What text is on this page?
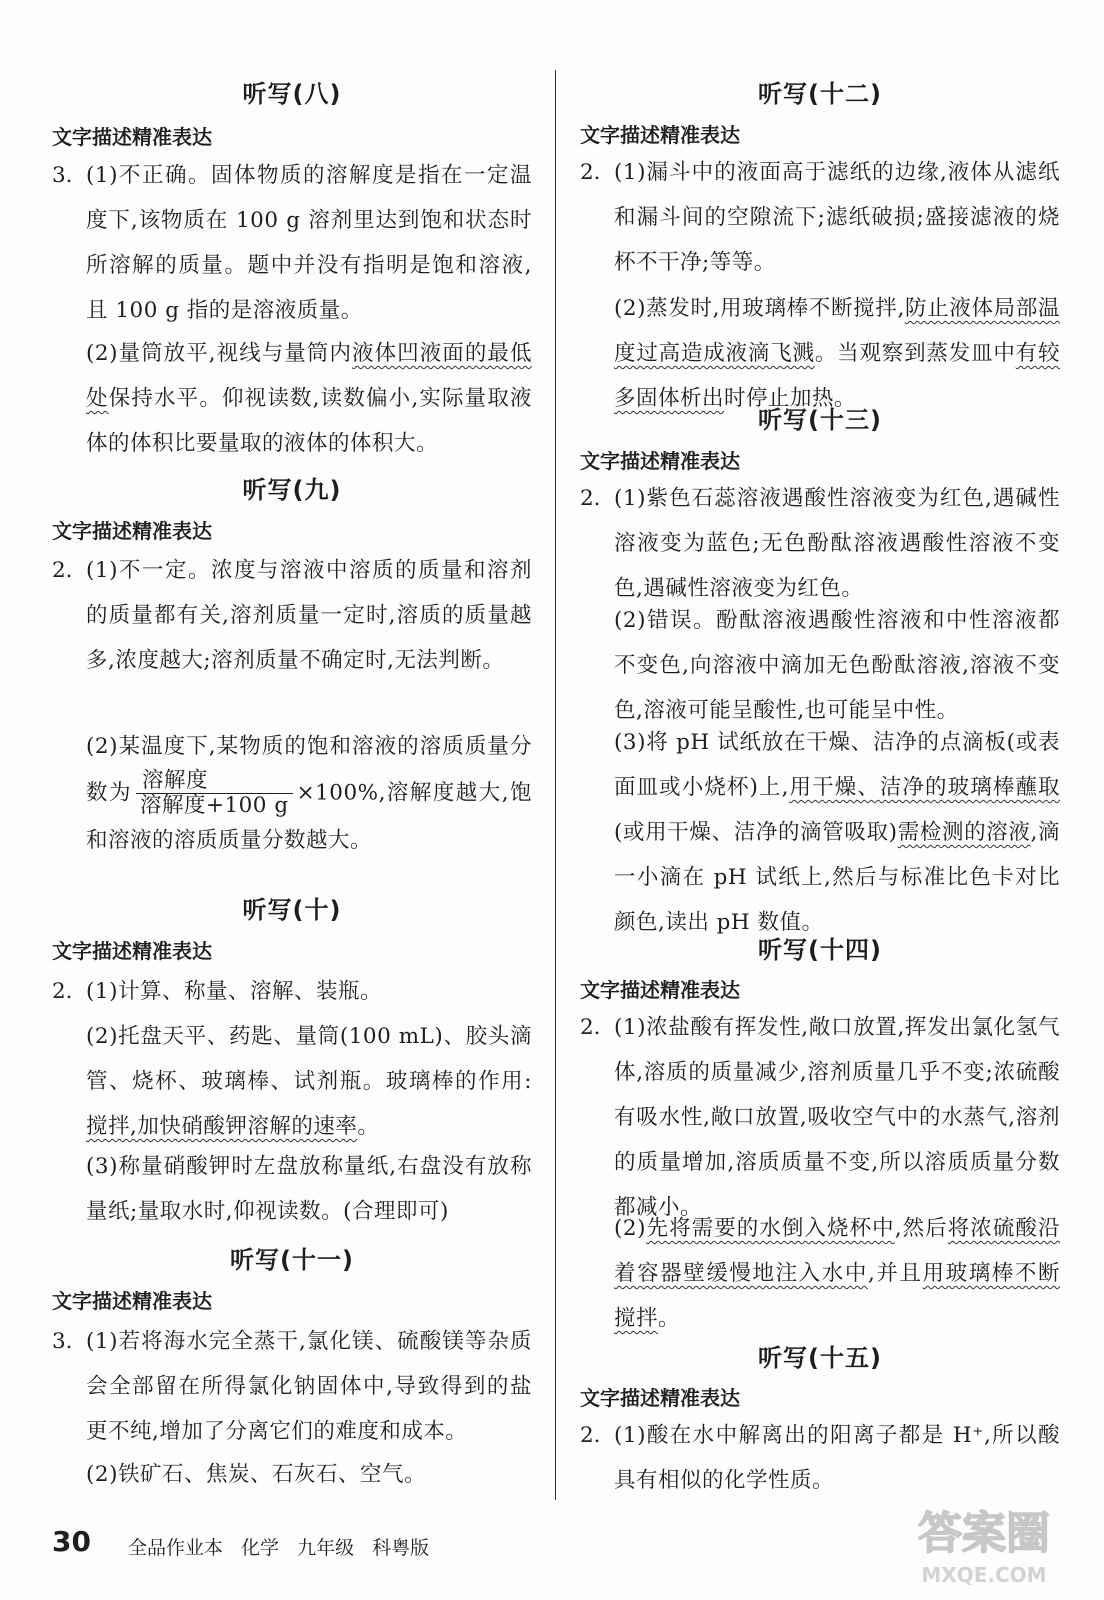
听写(八)
文字描述精准表达
3. (1)不正确。固体物质的溶解度是指在一定温度下,该物质在 100 g 溶剂里达到饱和状态时所溶解的质量。题中并没有指明是饱和溶液,且 100 g 指的是溶液质量。
(2)量筒放平,视线与量筒内液体凹液面的最低处保持水平。仰视读数,读数偏小,实际量取液体的体积比要量取的液体的体积大。
听写(九)
文字描述精准表达
2. (1)不一定。浓度与溶液中溶质的质量和溶剂的质量都有关,溶剂质量一定时,溶质的质量越多,浓度越大;溶剂质量不确定时,无法判断。
(2)某温度下,某物质的饱和溶液的溶质质量分数为 $\frac{\text{溶解度}}{\text{溶解度+100 g}} \times 100\%$,溶解度越大,饱和溶液的溶质质量分数越大。
听写(十)
文字描述精准表达
2. (1)计算、称量、溶解、装瓶。
(2)托盘天平、药匙、量筒(100 mL)、胶头滴管、烧杯、玻璃棒、试剂瓶。玻璃棒的作用:搅拌,加快硝酸钾溶解的速率。
(3)称量硝酸钾时左盘放称量纸,右盘没有放称量纸;量取水时,仰视读数。(合理即可)
听写(十一)
文字描述精准表达
3. (1)若将海水完全蒸干,氯化镁、硫酸镁等杂质会全部留在所得氯化钠固体中,导致得到的盐更不纯,增加了分离它们的难度和成本。
(2)铁矿石、焦炭、石灰石、空气。
听写(十二)
文字描述精准表达
2. (1)漏斗中的液面高于滤纸的边缘,液体从滤纸和漏斗间的空隙流下;滤纸破损;盛接滤液的烧杯不干净;等等。
(2)蒸发时,用玻璃棒不断搅拌,防止液体局部温度过高造成液滴飞溅。当观察到蒸发皿中有较多固体析出时停止加热。
听写(十三)
文字描述精准表达
2. (1)紫色石蕊溶液遇酸性溶液变为红色,遇碱性溶液变为蓝色;无色酚酞溶液遇酸性溶液不变色,遇碱性溶液变为红色。
(2)错误。酚酞溶液遇酸性溶液和中性溶液都不变色,向溶液中滴加无色酚酞溶液,溶液不变色,溶液可能呈酸性,也可能呈中性。
(3)将 pH 试纸放在干燥、洁净的点滴板(或表面皿或小烧杯)上,用干燥、洁净的玻璃棒蘸取(或用干燥、洁净的滴管吸取)需检测的溶液,滴一小滴在 pH 试纸上,然后与标准比色卡对比颜色,读出 pH 数值。
听写(十四)
文字描述精准表达
2. (1)浓盐酸有挥发性,敞口放置,挥发出氯化氢气体,溶质的质量减少,溶剂质量几乎不变;浓硫酸有吸水性,敞口放置,吸收空气中的水蒸气,溶剂的质量增加,溶质质量不变,所以溶质质量分数都减小。
(2)先将需要的水倒入烧杯中,然后将浓硫酸沿着容器壁缓慢地注入水中,并且用玻璃棒不断搅拌。
听写(十五)
文字描述精准表达
2. (1)酸在水中解离出的阳离子都是 H⁺,所以酸具有相似的化学性质。
30 全品作业本 化学 九年级 科粤版	答案圈
MXQE.COM
